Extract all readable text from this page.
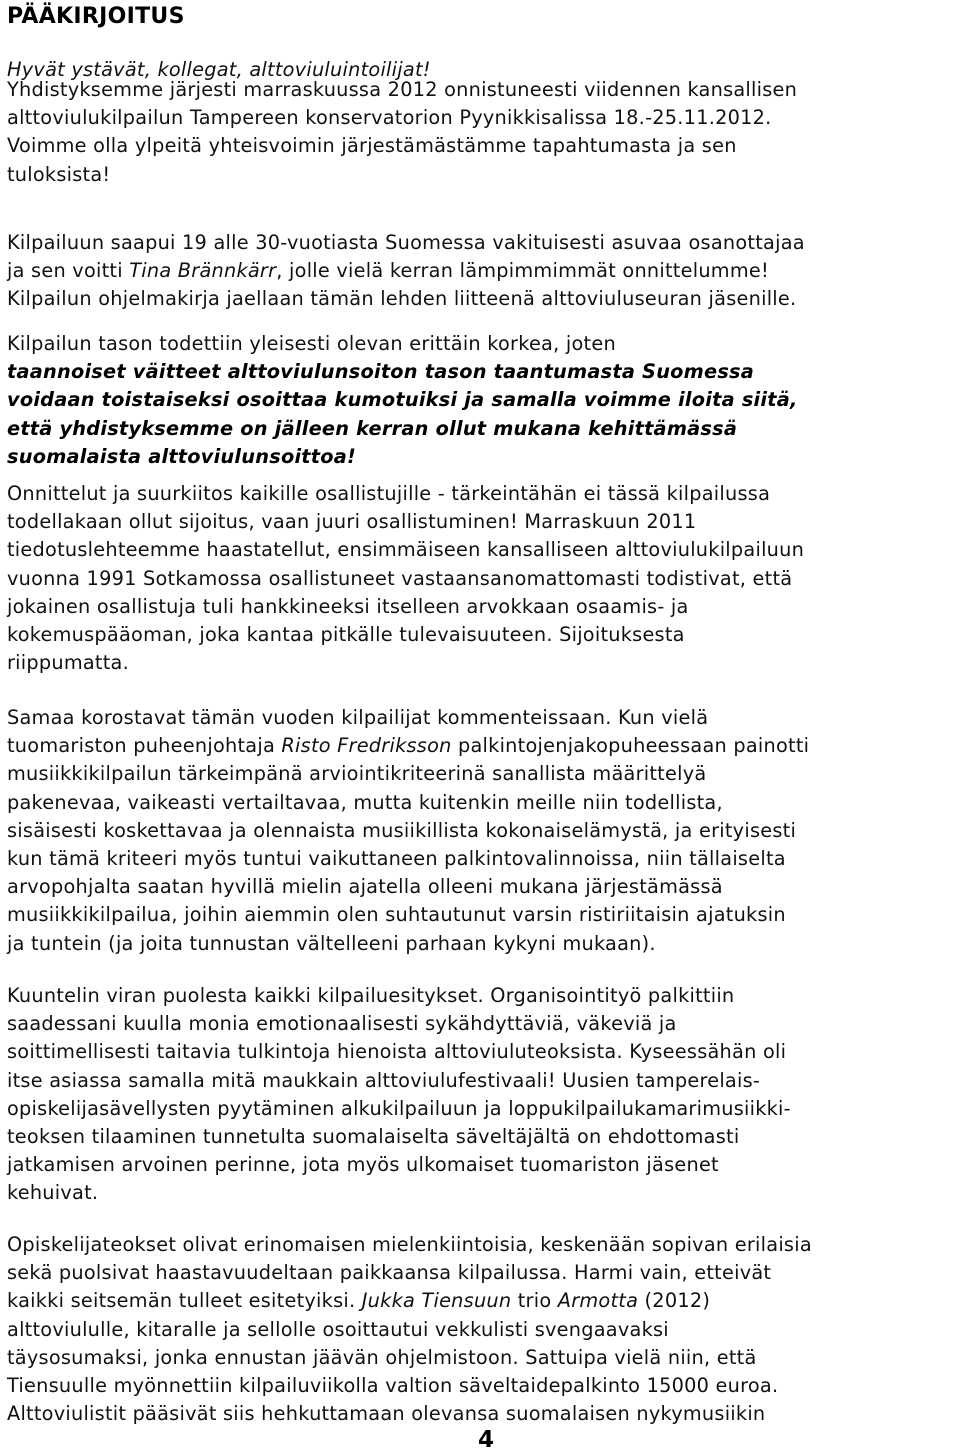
PÄÄKIRJOITUS

Hyvät ystävät, kollegat, alttoviuluintoilijat!

Yhdistyksemme järjesti marraskuussa 2012 onnistuneesti viidennen kansallisen
alttoviulukilpailun Tampereen konservatorion Pyynikkisalissa 18.-25.11.2012.
Voimme olla ylpeitä yhteisvoimin järjestämästämme tapahtumasta ja sen
tuloksista!

Kilpailuun saapui 19 alle 30-vuotiasta Suomessa vakituisesti asuvaa osanottajaa
ja sen voitti Tina Brännkärr, jolle vielä kerran lämpimmimmät onnittelumme!
Kilpailun ohjelmakirja jaellaan tämän lehden liitteenä alttoviuluseuran jäsenille.

Kilpailun tason todettiin yleisesti olevan erittäin korkea, joten
taannoiset väitteet alttoviulunsoiton tason taantumasta Suomessa
voidaan toistaiseksi osoittaa kumotuiksi ja samalla voimme iloita siitä,
että yhdistyksemme on jälleen kerran ollut mukana kehittämässä
suomalaista alttoviulunsoittoa!

Onnittelut ja suurkiitos kaikille osallistujille - tärkeintähän ei tässä kilpailussa
todellakaan ollut sijoitus, vaan juuri osallistuminen! Marraskuun 2011
tiedotuslehteemme haastatellut, ensimmäiseen kansalliseen alttoviulukilpailuun
vuonna 1991 Sotkamossa osallistuneet vastaansanomattomasti todistivat, että
jokainen osallistuja tuli hankkineeksi itselleen arvokkaan osaamis- ja
kokemuspääoman, joka kantaa pitkälle tulevaisuuteen. Sijoituksesta
riippumatta.

Samaa korostavat tämän vuoden kilpailijat kommenteissaan. Kun vielä
tuomariston puheenjohtaja Risto Fredriksson palkintojenjakopuheessaan painotti
musiikkikilpailun tärkeimpänä arviointikriteerinä sanallista määrittelyä
pakenevaa, vaikeasti vertailtavaa, mutta kuitenkin meille niin todellista,
sisäisesti koskettavaa ja olennaista musiikillista kokonaiselämystä, ja erityisesti
kun tämä kriteeri myös tuntui vaikuttaneen palkintovalinnoissa, niin tällaiselta
arvopohjalta saatan hyvillä mielin ajatella olleeni mukana järjestämässä
musiikkikilpailua, joihin aiemmin olen suhtautunut varsin ristiriitaisin ajatuksin
ja tuntein (ja joita tunnustan vältelleeni parhaan kykyni mukaan).

Kuuntelin viran puolesta kaikki kilpailuesitykset. Organisointityö palkittiin
saadessani kuulla monia emotionaalisesti sykähdyttäviä, väkeviä ja
soittimellisesti taitavia tulkintoja hienoista alttoviuluteoksista. Kyseessähän oli
itse asiassa samalla mitä maukkain alttoviulufestivaali! Uusien tamperelais-
opiskelijasävellysten pyytäminen alkukilpailuun ja loppukilpailukamarimusiikki-
teoksen tilaaminen tunnetulta suomalaiselta säveltäjältä on ehdottomasti
jatkamisen arvoinen perinne, jota myös ulkomaiset tuomariston jäsenet
kehuivat.

Opiskelijateokset olivat erinomaisen mielenkiintoisia, keskenään sopivan erilaisia
sekä puolsivat haastavuudeltaan paikkaansa kilpailussa. Harmi vain, etteivät
kaikki seitsemän tulleet esitetyiksi. Jukka Tiensuun trio Armotta (2012)
alttoviululle, kitaralle ja sellolle osoittautui vekkulisti svengaavaksi
täysosumaksi, jonka ennustan jäävän ohjelmistoon. Sattuipa vielä niin, että
Tiensuulle myönnettiin kilpailuviikolla valtion säveltaidepalkinto 15000 euroa.
Alttoviulistit pääsivät siis hehkuttamaan olevansa suomalaisen nykymusiikin

4
